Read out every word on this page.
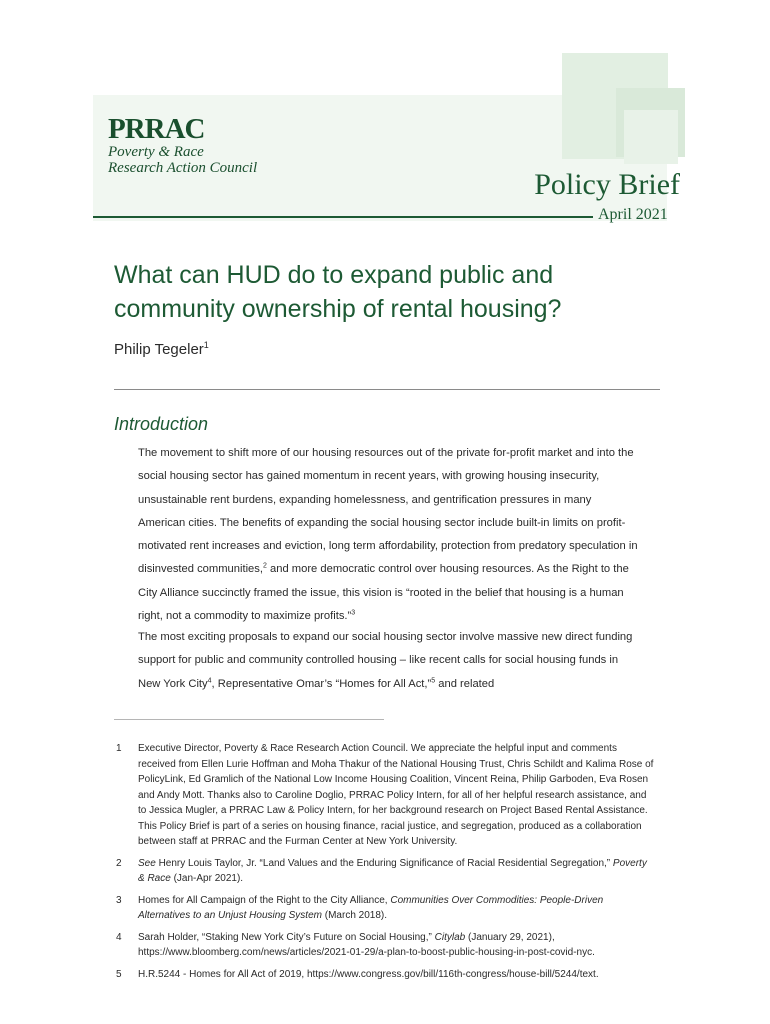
PRRAC
Poverty & Race
Research Action Council	Policy Brief
April 2021
What can HUD do to expand public and community ownership of rental housing?
Philip Tegeler$^1$
Introduction
The movement to shift more of our housing resources out of the private for-profit market and into the social housing sector has gained momentum in recent years, with growing housing insecurity, unsustainable rent burdens, expanding homelessness, and gentrification pressures in many American cities. The benefits of expanding the social housing sector include built-in limits on profit-motivated rent increases and eviction, long term affordability, protection from predatory speculation in disinvested communities,$^2$ and more democratic control over housing resources. As the Right to the City Alliance succinctly framed the issue, this vision is “rooted in the belief that housing is a human right, not a commodity to maximize profits.”$^3$
The most exciting proposals to expand our social housing sector involve massive new direct funding support for public and community controlled housing – like recent calls for social housing funds in New York City$^4$, Representative Omar’s “Homes for All Act,”$^5$ and related
1	Executive Director, Poverty & Race Research Action Council. We appreciate the helpful input and comments received from Ellen Lurie Hoffman and Moha Thakur of the National Housing Trust, Chris Schildt and Kalima Rose of PolicyLink, Ed Gramlich of the National Low Income Housing Coalition, Vincent Reina, Philip Garboden, Eva Rosen and Andy Mott. Thanks also to Caroline Doglio, PRRAC Policy Intern, for all of her helpful research assistance, and to Jessica Mugler, a PRRAC Law & Policy Intern, for her background research on Project Based Rental Assistance. This Policy Brief is part of a series on housing finance, racial justice, and segregation, produced as a collaboration between staff at PRRAC and the Furman Center at New York University.
2	See Henry Louis Taylor, Jr. “Land Values and the Enduring Significance of Racial Residential Segregation,” Poverty & Race (Jan-Apr 2021).
3	Homes for All Campaign of the Right to the City Alliance, Communities Over Commodities: People-Driven Alternatives to an Unjust Housing System (March 2018).
4	Sarah Holder, “Staking New York City’s Future on Social Housing,” Citylab (January 29, 2021), https://www.bloomberg.com/news/articles/2021-01-29/a-plan-to-boost-public-housing-in-post-covid-nyc.
5	H.R.5244 - Homes for All Act of 2019, https://www.congress.gov/bill/116th-congress/house-bill/5244/text.
